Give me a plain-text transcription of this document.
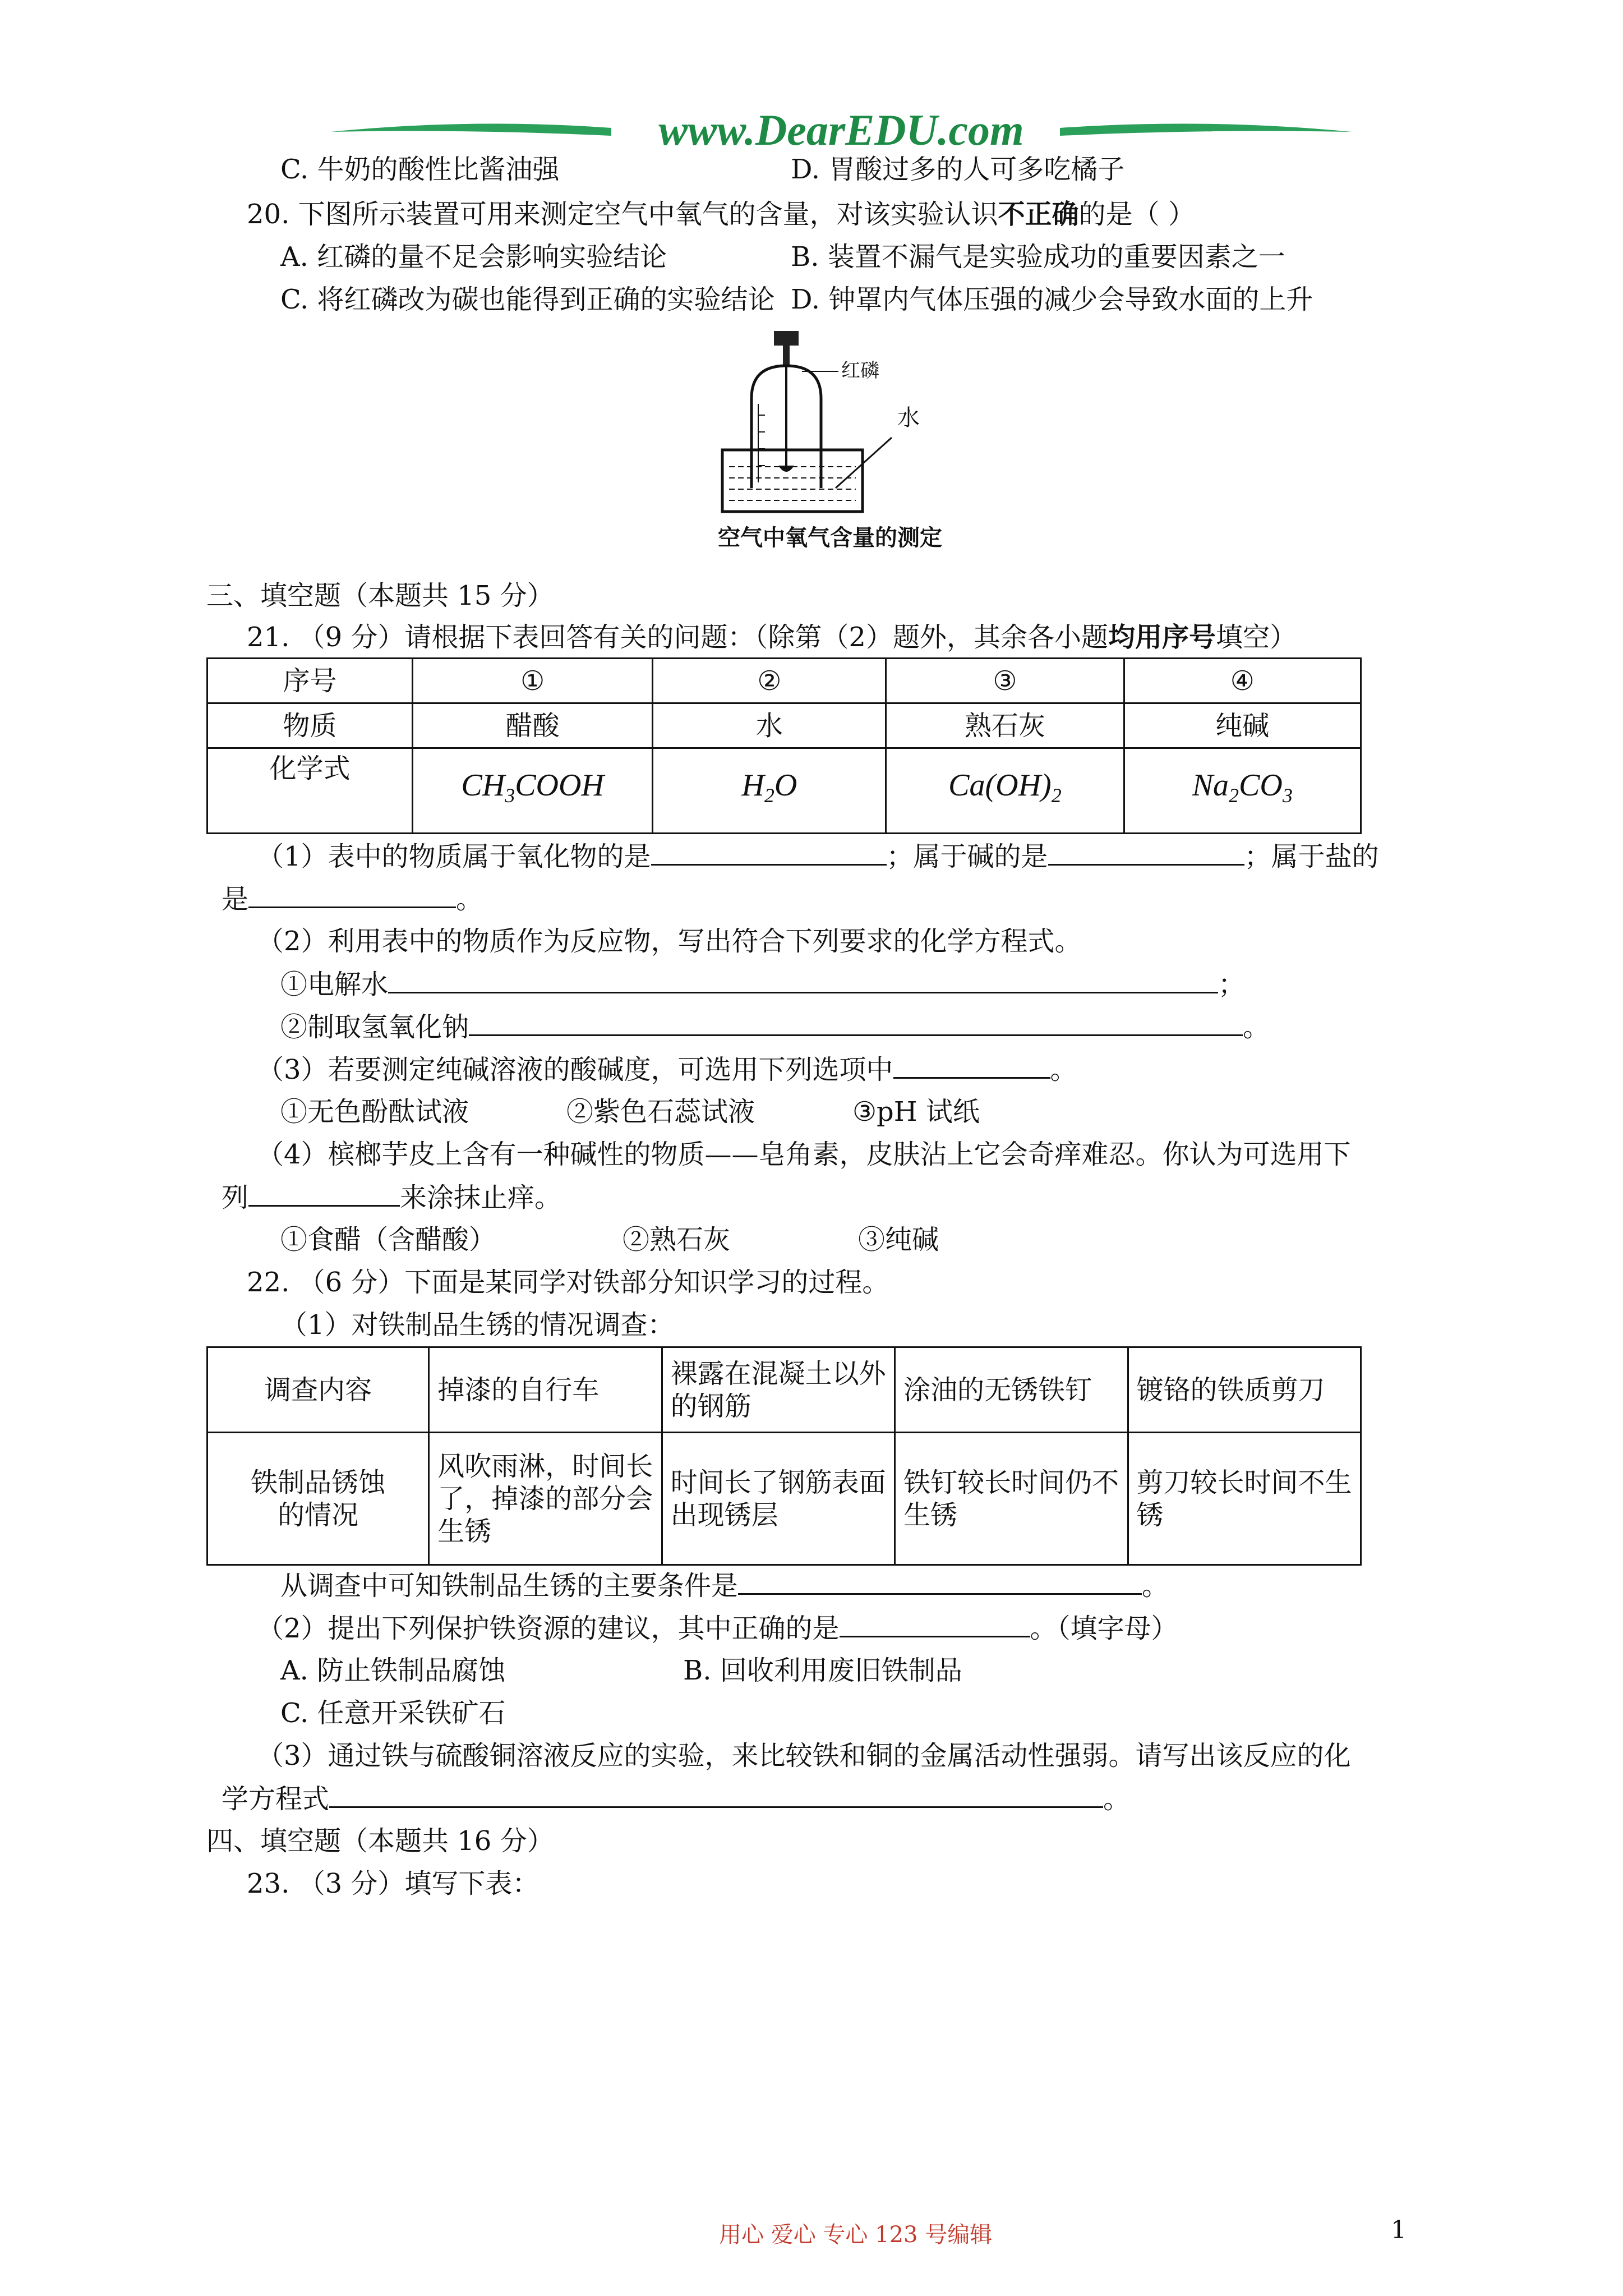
www.DearEDU.com
C. 牛奶的酸性比酱油强	D. 胃酸过多的人可多吃橘子
20. 下图所示装置可用来测定空气中氧气的含量，对该实验认识不正确的是（ ）
A. 红磷的量不足会影响实验结论	B. 装置不漏气是实验成功的重要因素之一
C. 将红磷改为碳也能得到正确的实验结论 D. 钟罩内气体压强的减少会导致水面的上升
红磷
水
空气中氧气含量的测定
三、填空题（本题共 15 分）
21. （9 分）请根据下表回答有关的问题：（除第（2）题外，其余各小题均用序号填空）
序号	①	②	③	④
物质	醋酸	水	熟石灰	纯碱
化学式	$CH_3COOH$	$H_2O$	$Ca(OH)_2$	$Na_2CO_3$
（1）表中的物质属于氧化物的是	；属于碱的是	；属于盐的
是	。
（2）利用表中的物质作为反应物，写出符合下列要求的化学方程式。
①电解水	；
②制取氢氧化钠	。
（3）若要测定纯碱溶液的酸碱度，可选用下列选项中	。
①无色酚酞试液	②紫色石蕊试液	③pH 试纸
（4）槟榔芋皮上含有一种碱性的物质——皂角素，皮肤沾上它会奇痒难忍。你认为可选用下
列	来涂抹止痒。
①食醋（含醋酸）	②熟石灰	③纯碱
22. （6 分）下面是某同学对铁部分知识学习的过程。
（1）对铁制品生锈的情况调查：
调查内容	掉漆的自行车	裸露在混凝土以外的钢筋	涂油的无锈铁钉	镀铬的铁质剪刀
铁制品锈蚀的情况	风吹雨淋，时间长了，掉漆的部分会生锈	时间长了钢筋表面出现锈层	铁钉较长时间仍不生锈	剪刀较长时间不生锈
从调查中可知铁制品生锈的主要条件是	。
（2）提出下列保护铁资源的建议，其中正确的是	。（填字母）
A. 防止铁制品腐蚀	B. 回收利用废旧铁制品
C. 任意开采铁矿石
（3）通过铁与硫酸铜溶液反应的实验，来比较铁和铜的金属活动性强弱。请写出该反应的化
学方程式	。
四、填空题（本题共 16 分）
23. （3 分）填写下表：
用心 爱心 专心 123 号编辑	1
